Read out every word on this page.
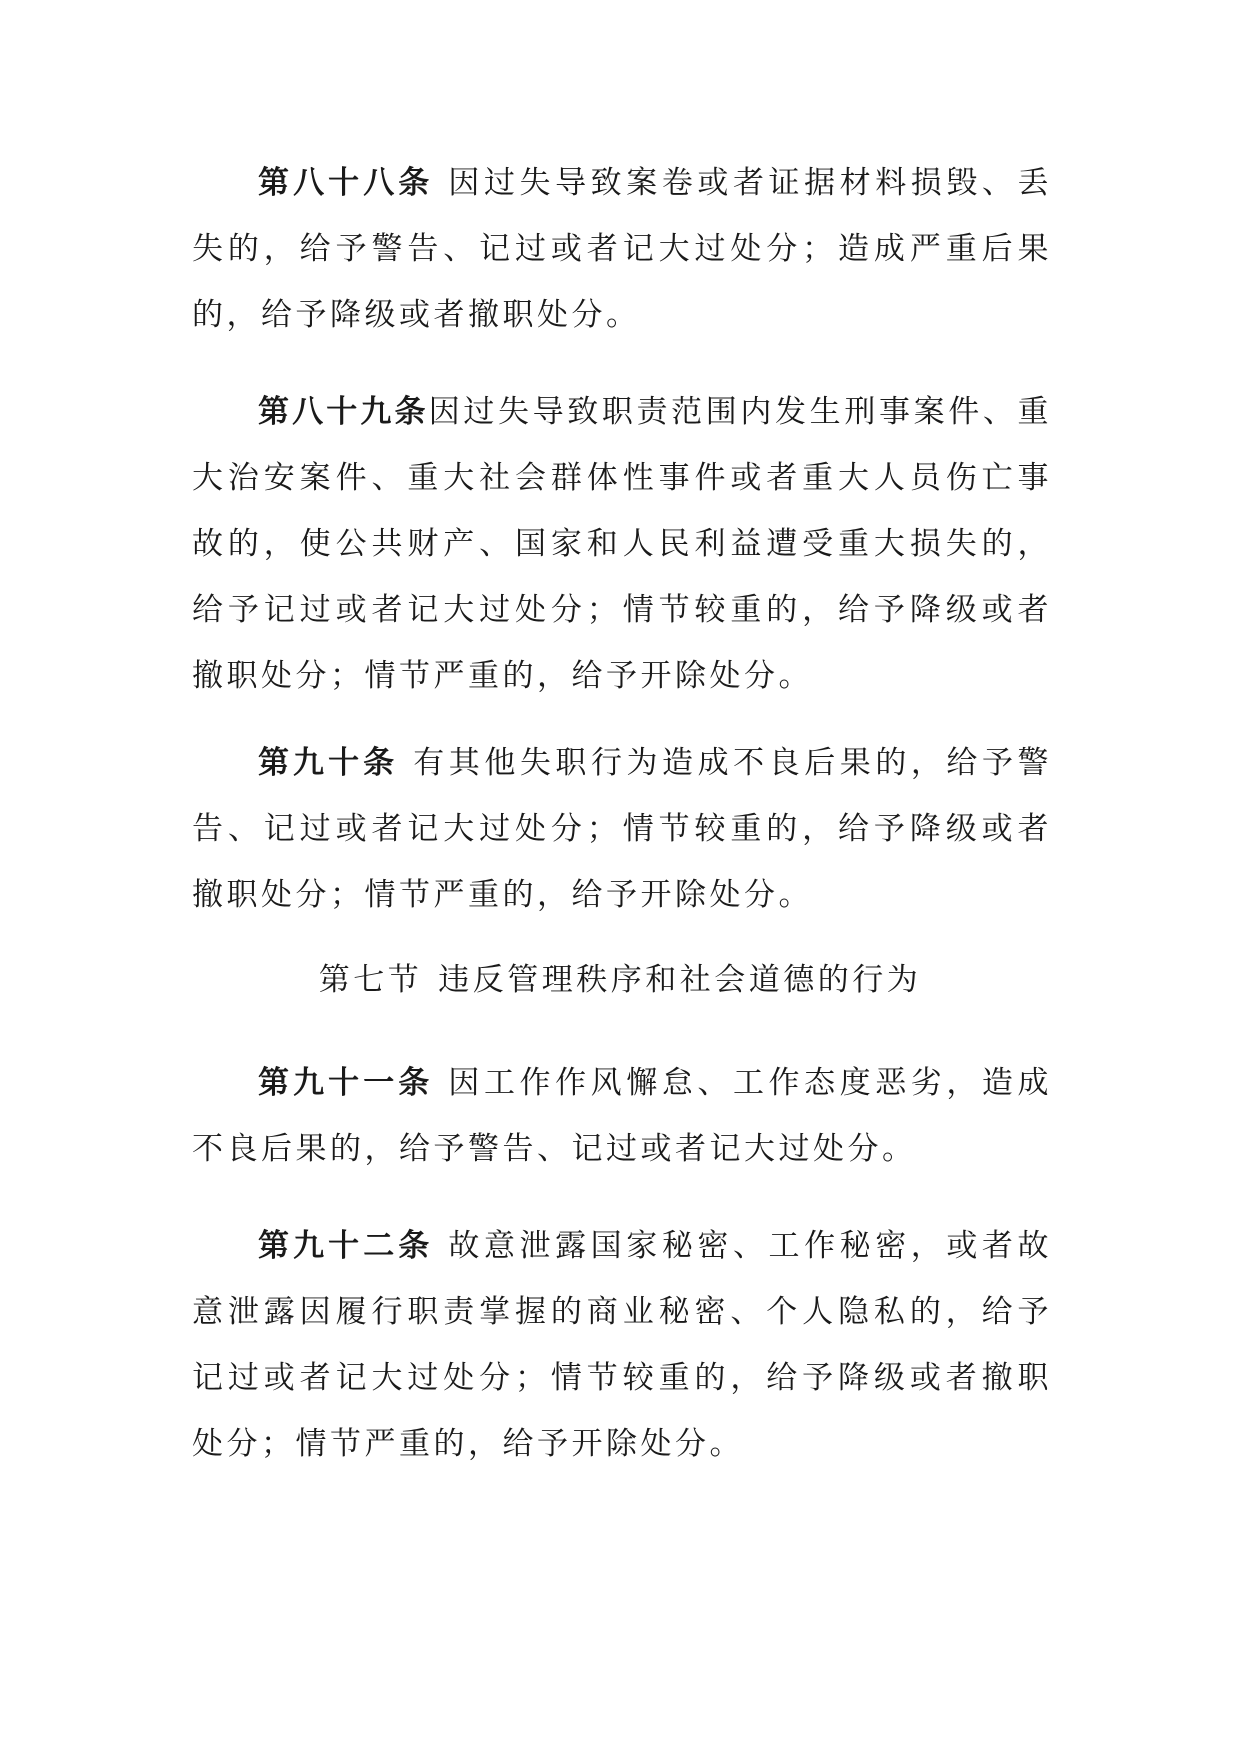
第八十八条 因过失导致案卷或者证据材料损毁、丢失的，给予警告、记过或者记大过处分；造成严重后果的，给予降级或者撤职处分。

第八十九条因过失导致职责范围内发生刑事案件、重大治安案件、重大社会群体性事件或者重大人员伤亡事故的，使公共财产、国家和人民利益遭受重大损失的，给予记过或者记大过处分；情节较重的，给予降级或者撤职处分；情节严重的，给予开除处分。

第九十条 有其他失职行为造成不良后果的，给予警告、记过或者记大过处分；情节较重的，给予降级或者撤职处分；情节严重的，给予开除处分。

第七节 违反管理秩序和社会道德的行为

第九十一条 因工作作风懈怠、工作态度恶劣，造成不良后果的，给予警告、记过或者记大过处分。

第九十二条 故意泄露国家秘密、工作秘密，或者故意泄露因履行职责掌握的商业秘密、个人隐私的，给予记过或者记大过处分；情节较重的，给予降级或者撤职处分；情节严重的，给予开除处分。
